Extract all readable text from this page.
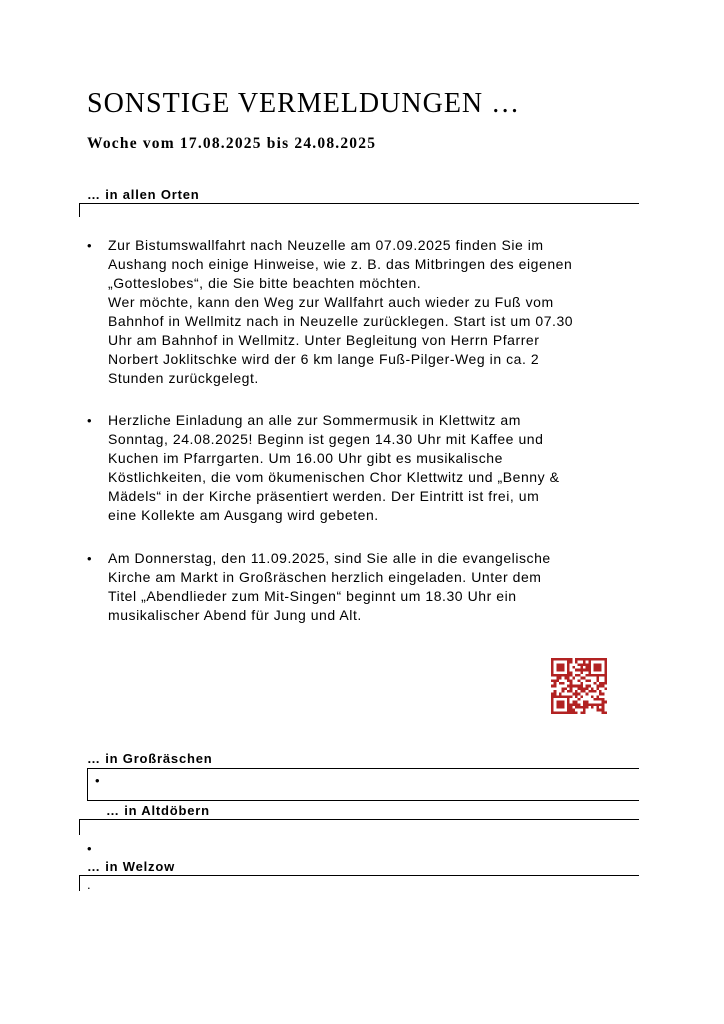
SONSTIGE VERMELDUNGEN …
Woche vom 17.08.2025 bis 24.08.2025
… in allen Orten
• Zur Bistumswallfahrt nach Neuzelle am 07.09.2025 finden Sie im
Aushang noch einige Hinweise, wie z. B. das Mitbringen des eigenen
„Gotteslobes“, die Sie bitte beachten möchten.
Wer möchte, kann den Weg zur Wallfahrt auch wieder zu Fuß vom
Bahnhof in Wellmitz nach in Neuzelle zurücklegen. Start ist um 07.30
Uhr am Bahnhof in Wellmitz. Unter Begleitung von Herrn Pfarrer
Norbert Joklitschke wird der 6 km lange Fuß-Pilger-Weg in ca. 2
Stunden zurückgelegt.
• Herzliche Einladung an alle zur Sommermusik in Klettwitz am
Sonntag, 24.08.2025! Beginn ist gegen 14.30 Uhr mit Kaffee und
Kuchen im Pfarrgarten. Um 16.00 Uhr gibt es musikalische
Köstlichkeiten, die vom ökumenischen Chor Klettwitz und „Benny &
Mädels“ in der Kirche präsentiert werden. Der Eintritt ist frei, um
eine Kollekte am Ausgang wird gebeten.
• Am Donnerstag, den 11.09.2025, sind Sie alle in die evangelische
Kirche am Markt in Großräschen herzlich eingeladen. Unter dem
Titel „Abendlieder zum Mit-Singen“ beginnt um 18.30 Uhr ein
musikalischer Abend für Jung und Alt.
… in Großräschen
•
… in Altdöbern
•
… in Welzow
.
